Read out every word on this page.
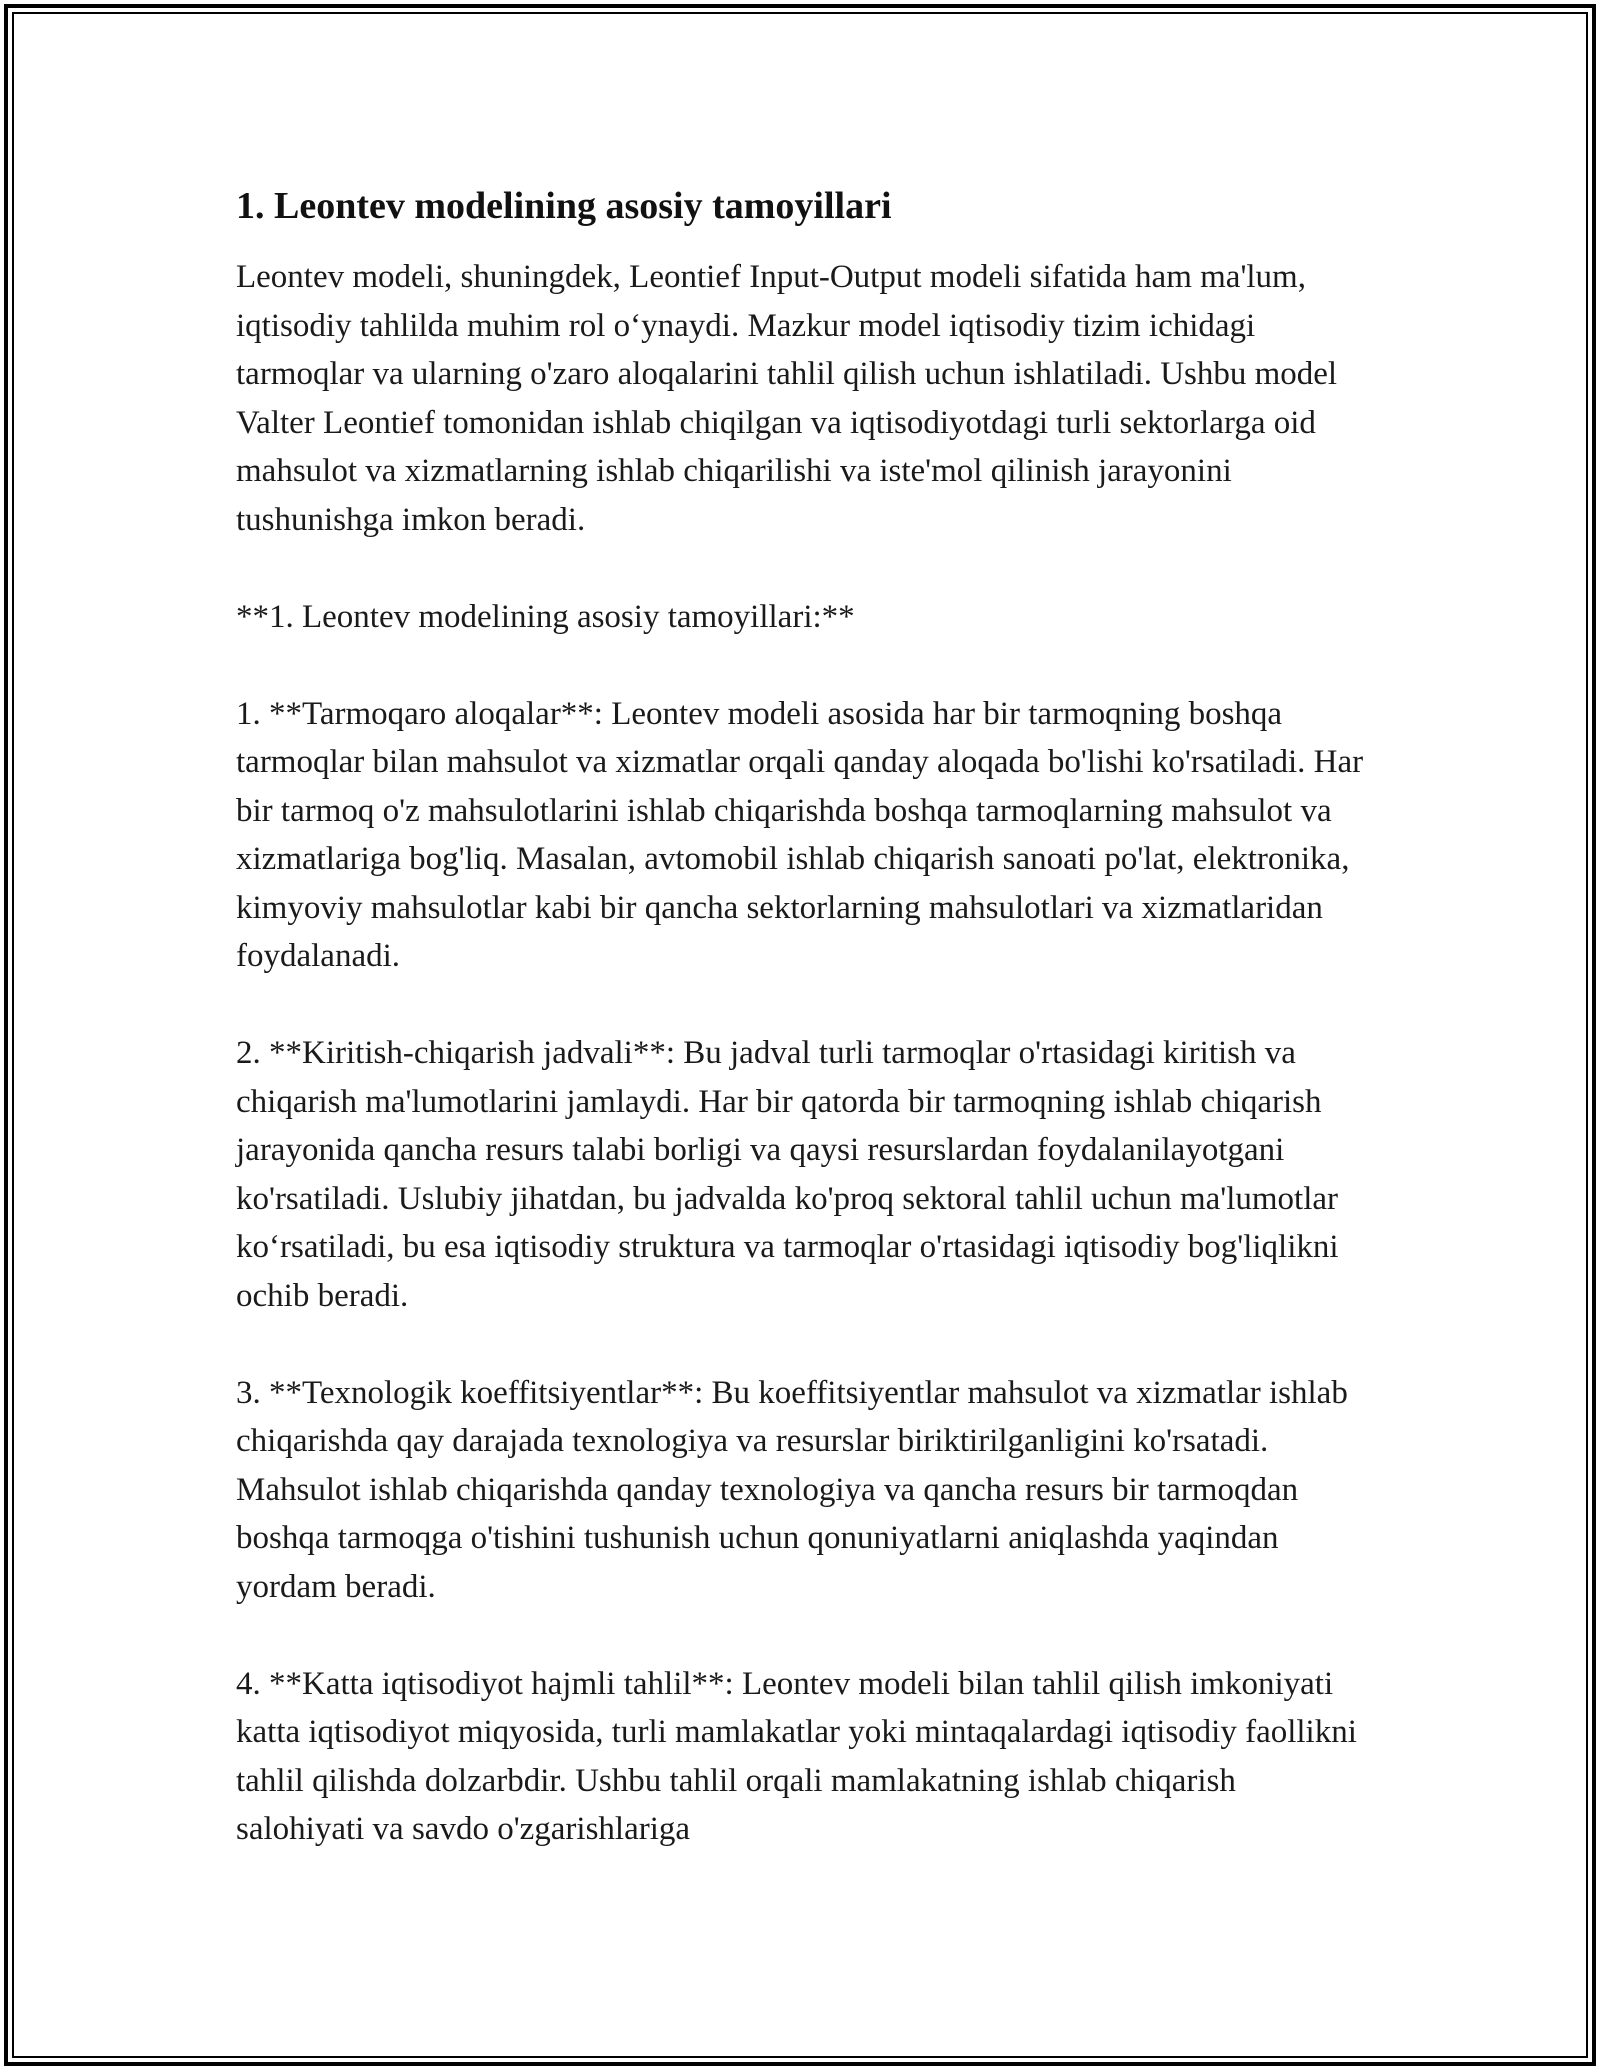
1. Leontev modelining asosiy tamoyillari

Leontev modeli, shuningdek, Leontief Input-Output modeli sifatida ham ma'lum, iqtisodiy tahlilda muhim rol o‘ynaydi. Mazkur model iqtisodiy tizim ichidagi tarmoqlar va ularning o'zaro aloqalarini tahlil qilish uchun ishlatiladi. Ushbu model Valter Leontief tomonidan ishlab chiqilgan va iqtisodiyotdagi turli sektorlarga oid mahsulot va xizmatlarning ishlab chiqarilishi va iste'mol qilinish jarayonini tushunishga imkon beradi.

**1. Leontev modelining asosiy tamoyillari:**

1. **Tarmoqaro aloqalar**: Leontev modeli asosida har bir tarmoqning boshqa tarmoqlar bilan mahsulot va xizmatlar orqali qanday aloqada bo'lishi ko'rsatiladi. Har bir tarmoq o'z mahsulotlarini ishlab chiqarishda boshqa tarmoqlarning mahsulot va xizmatlariga bog'liq. Masalan, avtomobil ishlab chiqarish sanoati po'lat, elektronika, kimyoviy mahsulotlar kabi bir qancha sektorlarning mahsulotlari va xizmatlaridan foydalanadi.

2. **Kiritish-chiqarish jadvali**: Bu jadval turli tarmoqlar o'rtasidagi kiritish va chiqarish ma'lumotlarini jamlaydi. Har bir qatorda bir tarmoqning ishlab chiqarish jarayonida qancha resurs talabi borligi va qaysi resurslardan foydalanilayotgani ko'rsatiladi. Uslubiy jihatdan, bu jadvalda ko'proq sektoral tahlil uchun ma'lumotlar ko‘rsatiladi, bu esa iqtisodiy struktura va tarmoqlar o'rtasidagi iqtisodiy bog'liqlikni ochib beradi.

3. **Texnologik koeffitsiyentlar**: Bu koeffitsiyentlar mahsulot va xizmatlar ishlab chiqarishda qay darajada texnologiya va resurslar biriktirilganligini ko'rsatadi. Mahsulot ishlab chiqarishda qanday texnologiya va qancha resurs bir tarmoqdan boshqa tarmoqga o'tishini tushunish uchun qonuniyatlarni aniqlashda yaqindan yordam beradi.

4. **Katta iqtisodiyot hajmli tahlil**: Leontev modeli bilan tahlil qilish imkoniyati katta iqtisodiyot miqyosida, turli mamlakatlar yoki mintaqalardagi iqtisodiy faollikni tahlil qilishda dolzarbdir. Ushbu tahlil orqali mamlakatning ishlab chiqarish salohiyati va savdo o'zgarishlariga
